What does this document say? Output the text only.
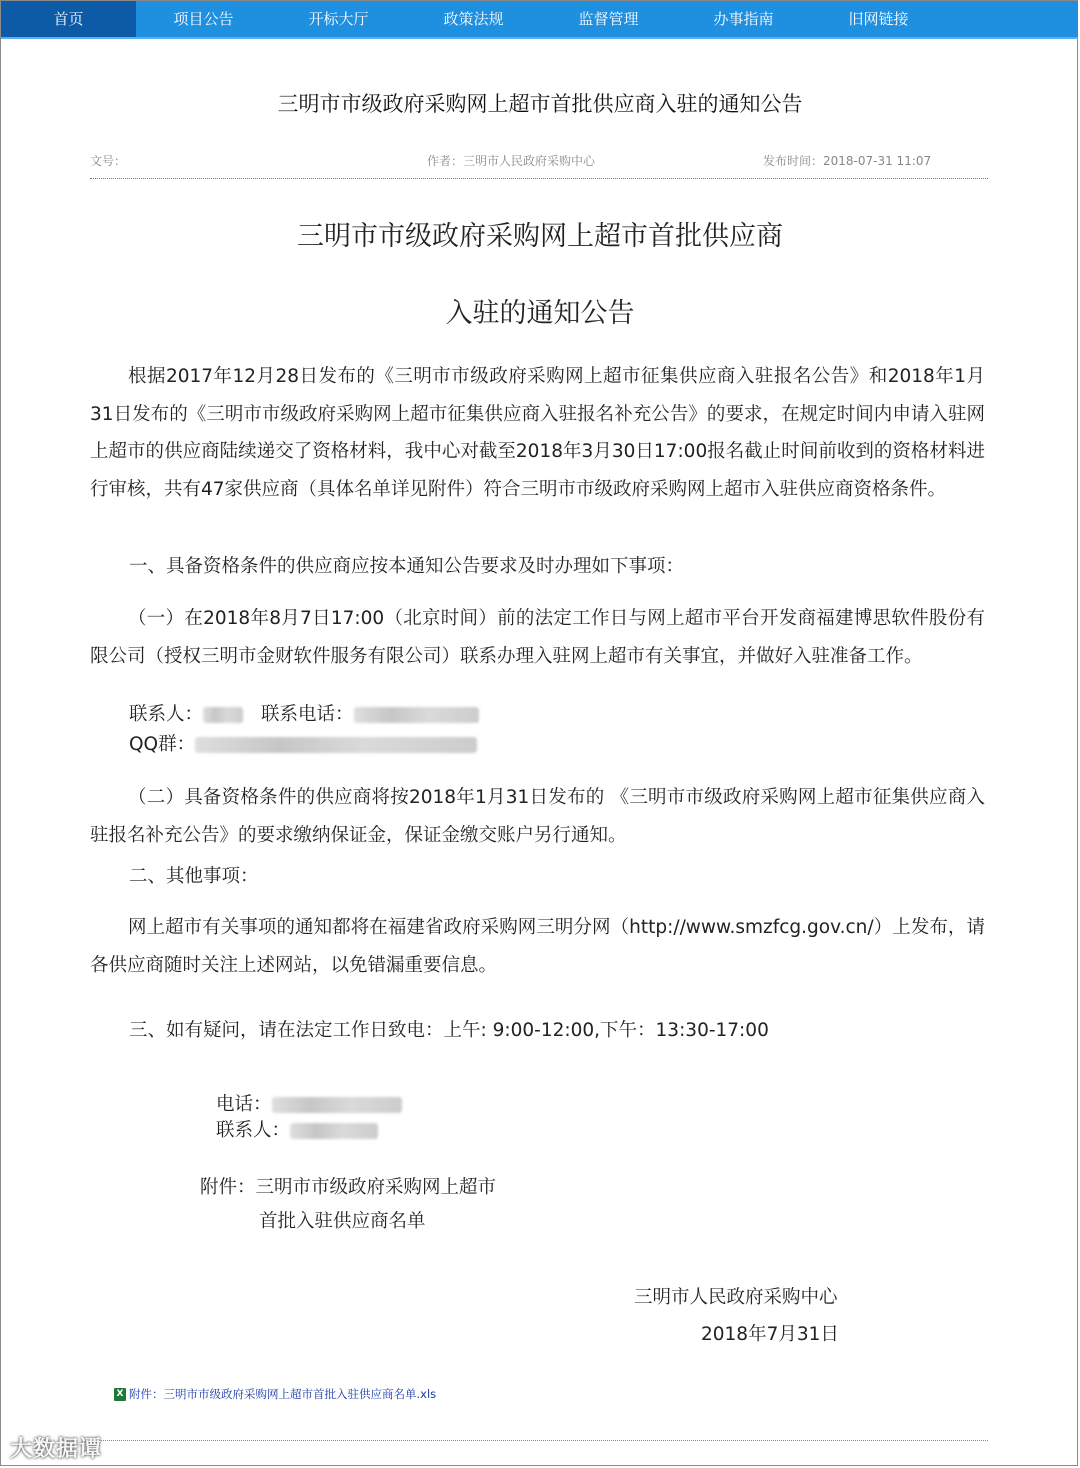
首页	项目公告	开标大厅	政策法规	监督管理	办事指南	旧网链接
三明市市级政府采购网上超市首批供应商入驻的通知公告
文号：	作者：三明市人民政府采购中心	发布时间：2018-07-31 11:07
三明市市级政府采购网上超市首批供应商
入驻的通知公告
根据2017年12月28日发布的《三明市市级政府采购网上超市征集供应商入驻报名公告》和2018年1月31日发布的《三明市市级政府采购网上超市征集供应商入驻报名补充公告》的要求，在规定时间内申请入驻网上超市的供应商陆续递交了资格材料，我中心对截至2018年3月30日17:00报名截止时间前收到的资格材料进行审核，共有47家供应商（具体名单详见附件）符合三明市市级政府采购网上超市入驻供应商资格条件。
一、具备资格条件的供应商应按本通知公告要求及时办理如下事项：
（一）在2018年8月7日17:00（北京时间）前的法定工作日与网上超市平台开发商福建博思软件股份有限公司（授权三明市金财软件服务有限公司）联系办理入驻网上超市有关事宜，并做好入驻准备工作。
联系人：	联系电话：
QQ群：
（二）具备资格条件的供应商将按2018年1月31日发布的 《三明市市级政府采购网上超市征集供应商入驻报名补充公告》的要求缴纳保证金，保证金缴交账户另行通知。
二、其他事项：
网上超市有关事项的通知都将在福建省政府采购网三明分网（http://www.smzfcg.gov.cn/）上发布，请各供应商随时关注上述网站，以免错漏重要信息。
三、如有疑问，请在法定工作日致电：上午: 9:00-12:00,下午：13:30-17:00
电话：
联系人：
附件：三明市市级政府采购网上超市
首批入驻供应商名单
三明市人民政府采购中心
2018年7月31日
X 附件：三明市市级政府采购网上超市首批入驻供应商名单.xls
大数据谭
